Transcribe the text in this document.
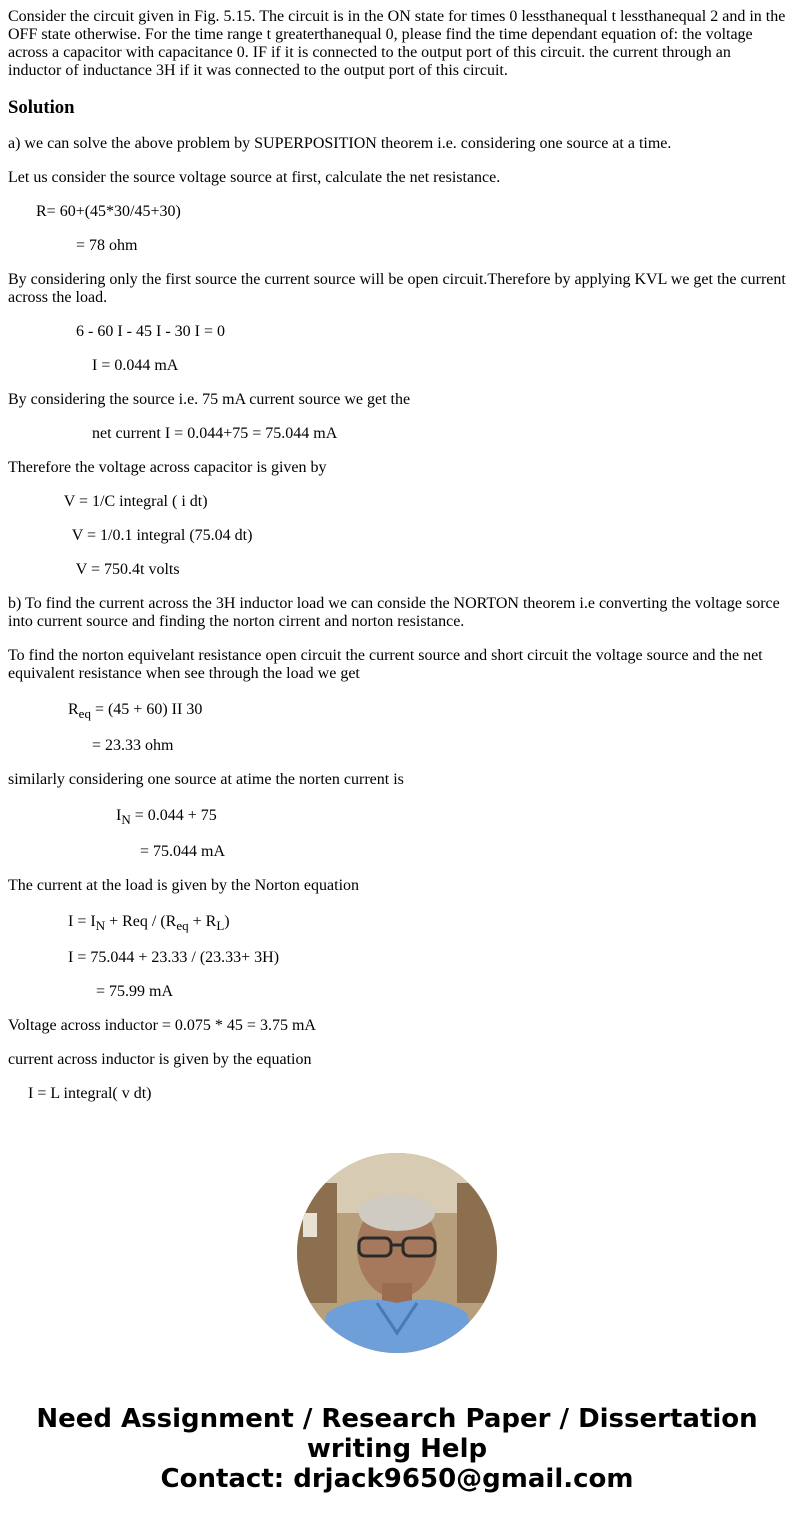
Consider the circuit given in Fig. 5.15. The circuit is in the ON state for times 0 lessthanequal t lessthanequal 2 and in the OFF state otherwise. For the time range t greaterthanequal 0, please find the time dependant equation of: the voltage across a capacitor with capacitance 0. IF if it is connected to the output port of this circuit. the current through an inductor of inductance 3H if it was connected to the output port of this circuit.

Solution

a) we can solve the above problem by SUPERPOSITION theorem i.e. considering one source at a time.

Let us consider the source voltage source at first, calculate the net resistance.

R= 60+(45*30/45+30)

= 78 ohm

By considering only the first source the current source will be open circuit.Therefore by applying KVL we get the current across the load.

6 - 60 I - 45 I - 30 I = 0

I = 0.044 mA

By considering the source i.e. 75 mA current source we get the

net current I = 0.044+75 = 75.044 mA

Therefore the voltage across capacitor is given by

V = 1/C integral ( i dt)

V = 1/0.1 integral (75.04 dt)

V = 750.4t volts

b) To find the current across the 3H inductor load we can conside the NORTON theorem i.e converting the voltage sorce into current source and finding the norton cirrent and norton resistance.

To find the norton equivelant resistance open circuit the current source and short circuit the voltage source and the net equivalent resistance when see through the load we get

$R_{eq} = (45 + 60)$ II 30

= 23.33 ohm

similarly considering one source at atime the norten current is

$I_N = 0.044 + 75$

= 75.044 mA

The current at the load is given by the Norton equation

$I = I_N$ + Req / $(R_{eq} + R_L)$

I = 75.044 + 23.33 / (23.33+ 3H)

= 75.99 mA

Voltage across inductor = 0.075 * 45 = 3.75 mA

current across inductor is given by the equation

I = L integral( v dt)

Need Assignment / Research Paper / Dissertation
writing Help
Contact: drjack9650@gmail.com
